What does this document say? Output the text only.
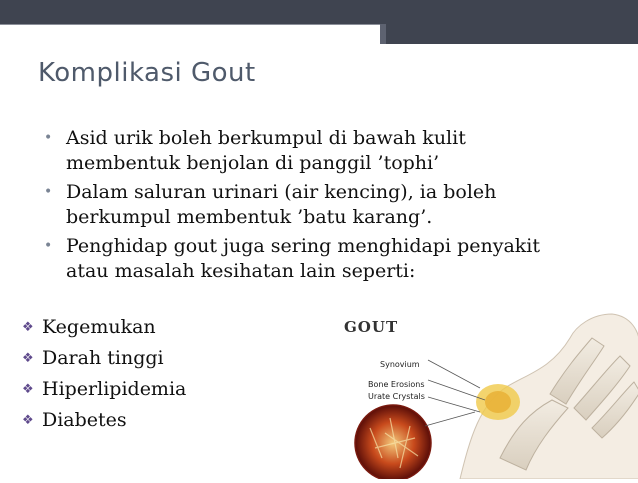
Komplikasi Gout
• Asid urik boleh berkumpul di bawah kulit
membentuk benjolan di panggil ’tophi’
• Dalam saluran urinari (air kencing), ia boleh
berkumpul membentuk ’batu karang’.
• Penghidap gout juga sering menghidapi penyakit
atau masalah kesihatan lain seperti:
❖ Kegemukan
❖ Darah tinggi
❖ Hiperlipidemia
❖ Diabetes
GOUT
Synovium
Bone Erosions
Urate Crystals
